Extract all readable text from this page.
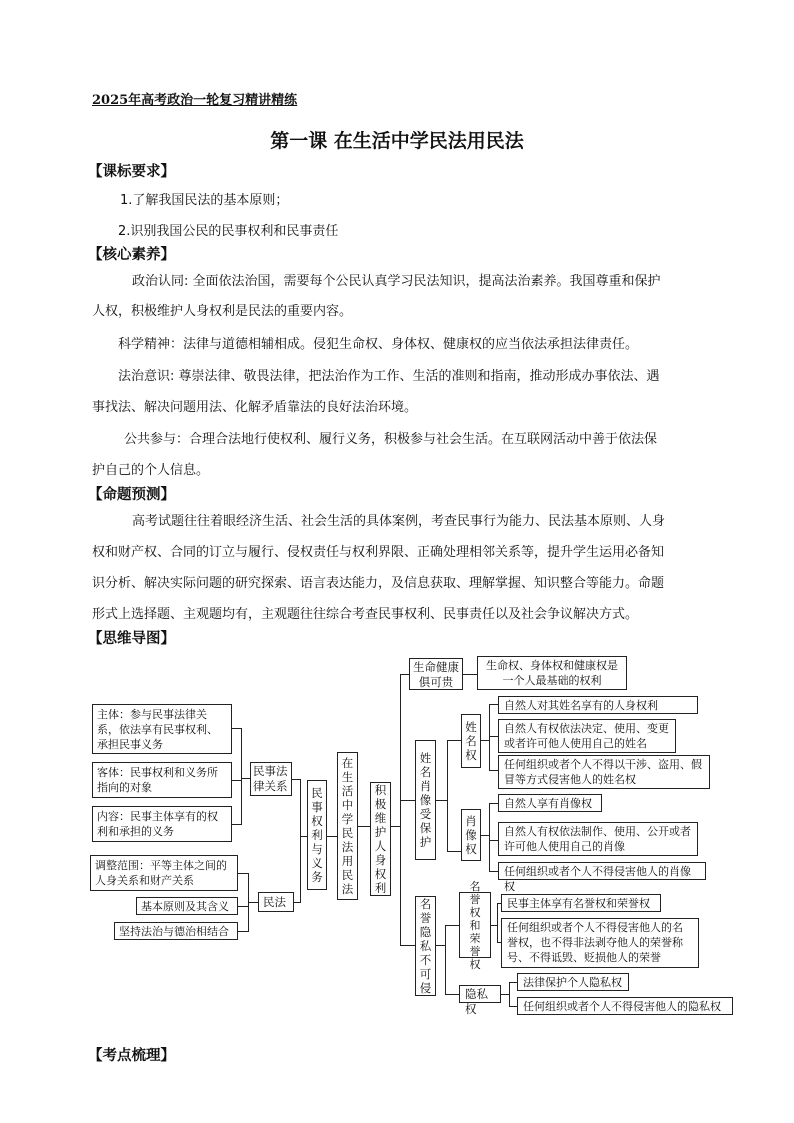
2025年高考政治一轮复习精讲精练
第一课 在生活中学民法用民法
【课标要求】
1.了解我国民法的基本原则；
2.识别我国公民的民事权利和民事责任
【核心素养】
政治认同: 全面依法治国，需要每个公民认真学习民法知识，提高法治素养。我国尊重和保护
人权，积极维护人身权利是民法的重要内容。
科学精神：法律与道德相辅相成。侵犯生命权、身体权、健康权的应当依法承担法律责任。
法治意识: 尊崇法律、敬畏法律，把法治作为工作、生活的准则和指南，推动形成办事依法、遇
事找法、解决问题用法、化解矛盾靠法的良好法治环境。
公共参与：合理合法地行使权利、履行义务，积极参与社会生活。在互联网活动中善于依法保
护自己的个人信息。
【命题预测】
高考试题往往着眼经济生活、社会生活的具体案例，考查民事行为能力、民法基本原则、人身
权和财产权、合同的订立与履行、侵权责任与权利界限、正确处理相邻关系等，提升学生运用必备知
识分析、解决实际问题的研究探索、语言表达能力，及信息获取、理解掌握、知识整合等能力。命题
形式上选择题、主观题均有，主观题往往综合考查民事权利、民事责任以及社会争议解决方式。
【思维导图】
主体：参与民事法律关系，依法享有民事权利、承担民事义务
客体：民事权利和义务所指向的对象
内容：民事主体享有的权利和承担的义务
调整范围：平等主体之间的人身关系和财产关系
基本原则及其含义
坚持法治与德治相结合
民事法律关系
民法
民事权利与义务
在生活中学民法用民法
积极维护人身权利
生命健康俱可贵
生命权、身体权和健康权是一个人最基础的权利
姓名肖像受保护
姓名权
自然人对其姓名享有的人身权利
自然人有权依法决定、使用、变更或者许可他人使用自己的姓名
任何组织或者个人不得以干涉、盗用、假冒等方式侵害他人的姓名权
肖像权
自然人享有肖像权
自然人有权依法制作、使用、公开或者许可他人使用自己的肖像
任何组织或者个人不得侵害他人的肖像权
名誉隐私不可侵
名誉权和荣誉权
民事主体享有名誉权和荣誉权
任何组织或者个人不得侵害他人的名誉权，也不得非法剥夺他人的荣誉称号、不得诋毁、贬损他人的荣誉
隐私权
法律保护个人隐私权
任何组织或者个人不得侵害他人的隐私权
【考点梳理】
